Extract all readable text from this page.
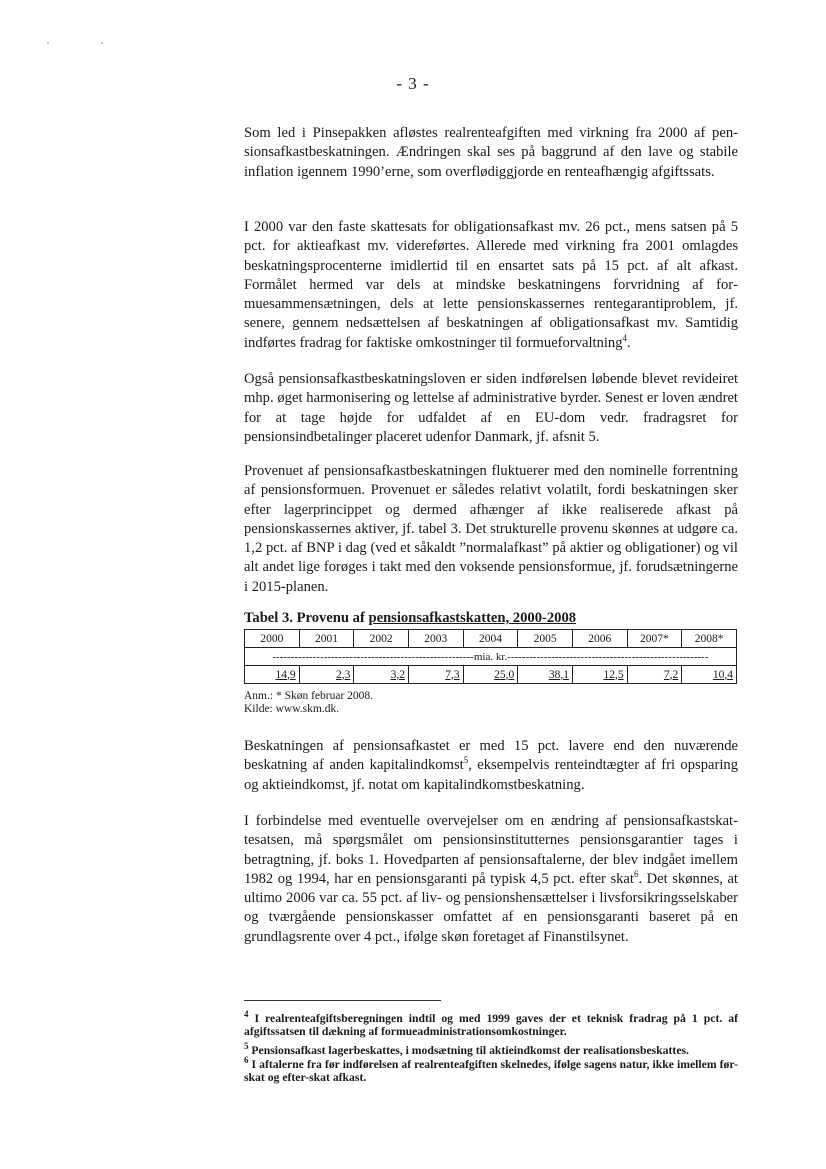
- 3 -

Som led i Pinsepakken afløstes realrenteafgiften med virkning fra 2000 af pensionsafkastbeskatningen. Ændringen skal ses på baggrund af den lave og stabile inflation igennem 1990’erne, som overflødiggjorde en renteafhængig afgiftssats.

I 2000 var den faste skattesats for obligationsafkast mv. 26 pct., mens satsen på 5 pct. for aktieafkast mv. videreførtes. Allerede med virkning fra 2001 omlagdes beskatningsprocenterne imidlertid til en ensartet sats på 15 pct. af alt afkast. Formålet hermed var dels at mindske beskatningens forvridning af formuesammensætningen, dels at lette pensionskassernes rentegarantiproblem, jf. senere, gennem nedsættelsen af beskatningen af obligationsafkast mv. Samtidig indførtes fradrag for faktiske omkostninger til formueforvaltning$^4$.

Også pensionsafkastbeskatningsloven er siden indførelsen løbende blevet revideiret mhp. øget harmonisering og lettelse af administrative byrder. Senest er loven ændret for at tage højde for udfaldet af en EU-dom vedr. fradragsret for pensionsindbetalinger placeret udenfor Danmark, jf. afsnit 5.

Provenuet af pensionsafkastbeskatningen fluktuerer med den nominelle forrentning af pensionsformuen. Provenuet er således relativt volatilt, fordi beskatningen sker efter lagerprincippet og dermed afhænger af ikke realiserede afkast på pensionskassernes aktiver, jf. tabel 3. Det strukturelle provenu skønnes at udgøre ca. 1,2 pct. af BNP i dag (ved et såkaldt ”normalafkast” på aktier og obligationer) og vil alt andet lige forøges i takt med den voksende pensionsformue, jf. forudsætningerne i 2015-planen.

Tabel 3. Provenu af pensionsafkastskatten, 2000-2008
2000	2001	2002	2003	2004	2005	2006	2007*	2008*
-------------------------------------------------------mia. kr.-------------------------------------------------------								
14,9	2,3	3,2	7,3	25,0	38,1	12,5	7,2	10,4
Anm.: * Skøn februar 2008.
Kilde: www.skm.dk.

Beskatningen af pensionsafkastet er med 15 pct. lavere end den nuværende beskatning af anden kapitalindkomst$^5$, eksempelvis renteindtægter af fri opsparing og aktieindkomst, jf. notat om kapitalindkomstbeskatning.

I forbindelse med eventuelle overvejelser om en ændring af pensionsafkastskattesatsen, må spørgsmålet om pensionsinstitutternes pensionsgarantier tages i betragtning, jf. boks 1. Hovedparten af pensionsaftalerne, der blev indgået imellem 1982 og 1994, har en pensionsgaranti på typisk 4,5 pct. efter skat$^6$. Det skønnes, at ultimo 2006 var ca. 55 pct. af liv- og pensionshensættelser i livsforsikringsselskaber og tværgående pensionskasser omfattet af en pensionsgaranti baseret på en grundlagsrente over 4 pct., ifølge skøn foretaget af Finanstilsynet.

$^4$ I realrenteafgiftsberegningen indtil og med 1999 gaves der et teknisk fradrag på 1 pct. af afgiftssatsen til dækning af formueadministrationsomkostninger.

$^5$ Pensionsafkast lagerbeskattes, i modsætning til aktieindkomst der realisationsbeskattes.

$^6$ I aftalerne fra før indførelsen af realrenteafgiften skelnedes, ifølge sagens natur, ikke imellem før-skat og efter-skat afkast.
